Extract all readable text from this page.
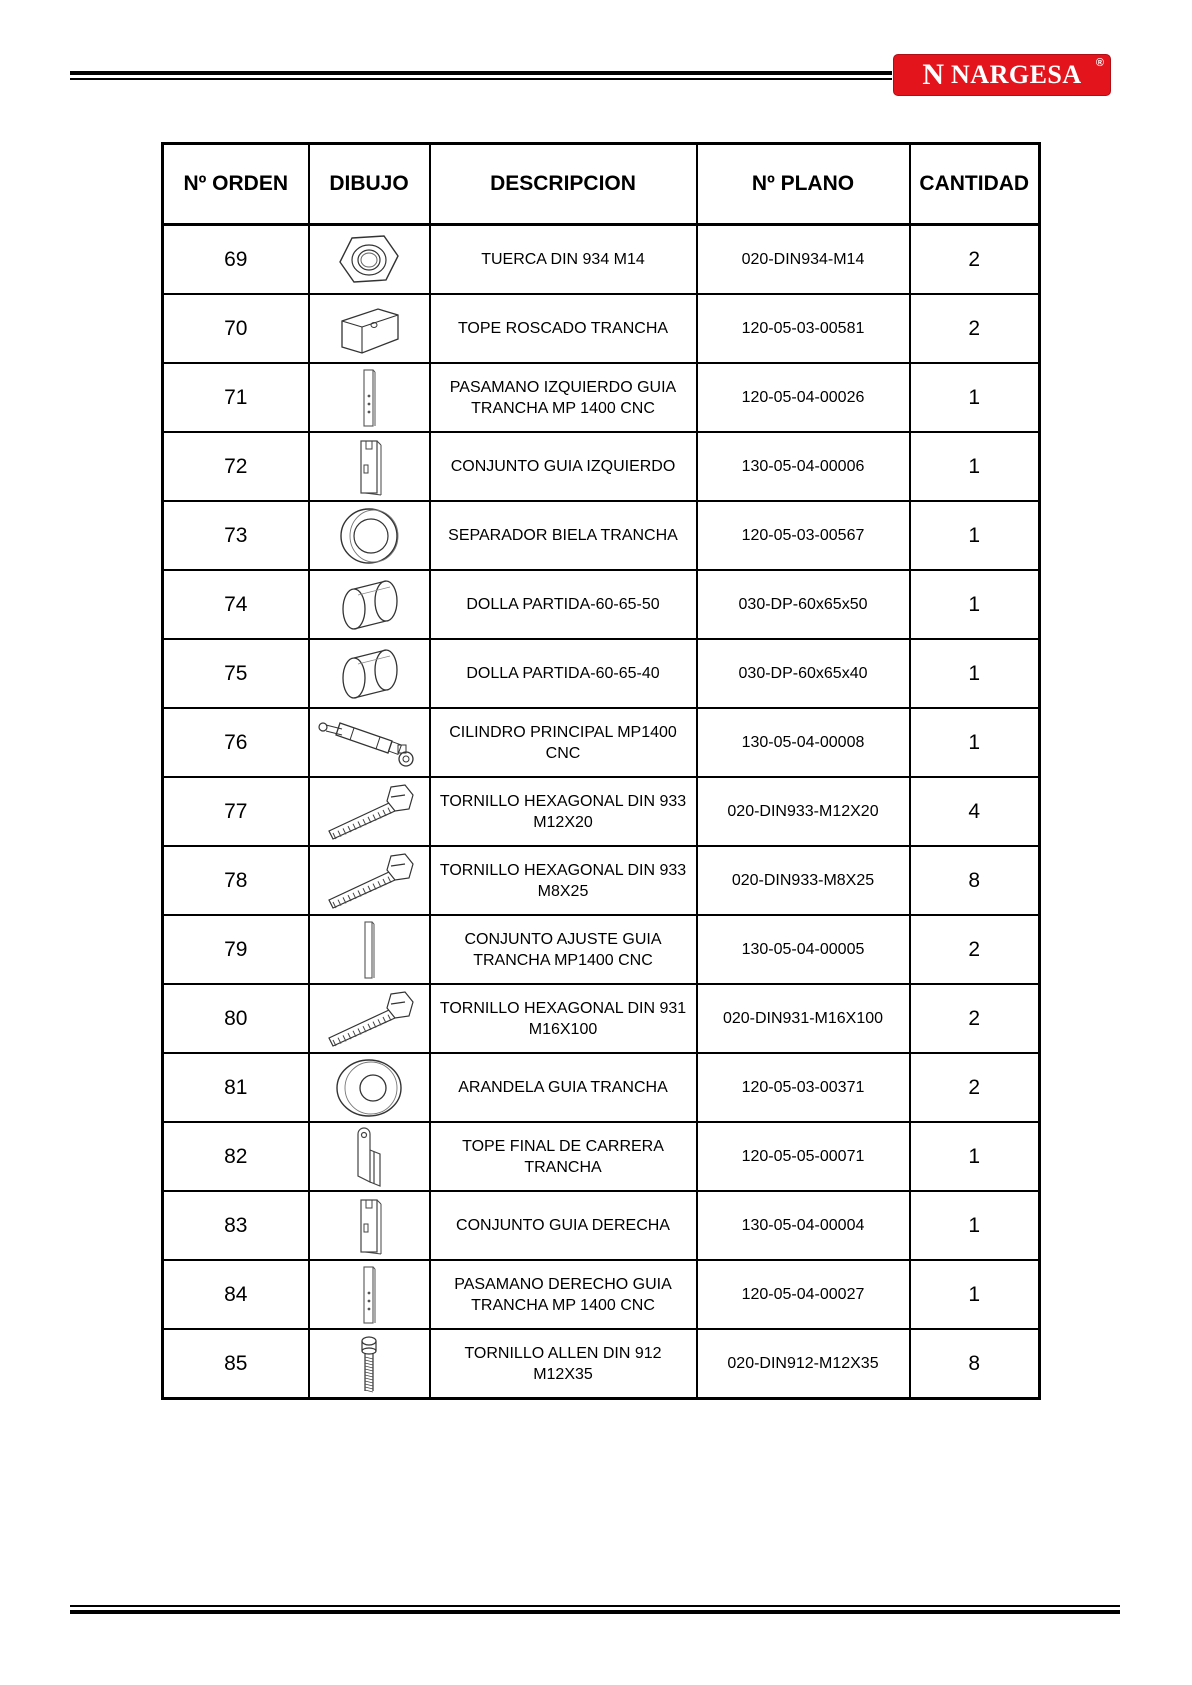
N NARGESA ®
Nº ORDEN	DIBUJO	DESCRIPCION	Nº PLANO	CANTIDAD
69		TUERCA DIN 934 M14	020-DIN934-M14	2
70		TOPE ROSCADO TRANCHA	120-05-03-00581	2
71		PASAMANO IZQUIERDO GUIA
TRANCHA MP 1400 CNC	120-05-04-00026	1
72		CONJUNTO GUIA IZQUIERDO	130-05-04-00006	1
73		SEPARADOR BIELA TRANCHA	120-05-03-00567	1
74		DOLLA PARTIDA-60-65-50	030-DP-60x65x50	1
75		DOLLA PARTIDA-60-65-40	030-DP-60x65x40	1
76		CILINDRO PRINCIPAL MP1400
CNC	130-05-04-00008	1
77		TORNILLO HEXAGONAL DIN 933
M12X20	020-DIN933-M12X20	4
78		TORNILLO HEXAGONAL DIN 933
M8X25	020-DIN933-M8X25	8
79		CONJUNTO AJUSTE GUIA
TRANCHA MP1400 CNC	130-05-04-00005	2
80		TORNILLO HEXAGONAL DIN 931
M16X100	020-DIN931-M16X100	2
81		ARANDELA GUIA TRANCHA	120-05-03-00371	2
82		TOPE FINAL DE CARRERA
TRANCHA	120-05-05-00071	1
83		CONJUNTO GUIA DERECHA	130-05-04-00004	1
84		PASAMANO DERECHO GUIA
TRANCHA MP 1400 CNC	120-05-04-00027	1
85		TORNILLO ALLEN DIN 912
M12X35	020-DIN912-M12X35	8
